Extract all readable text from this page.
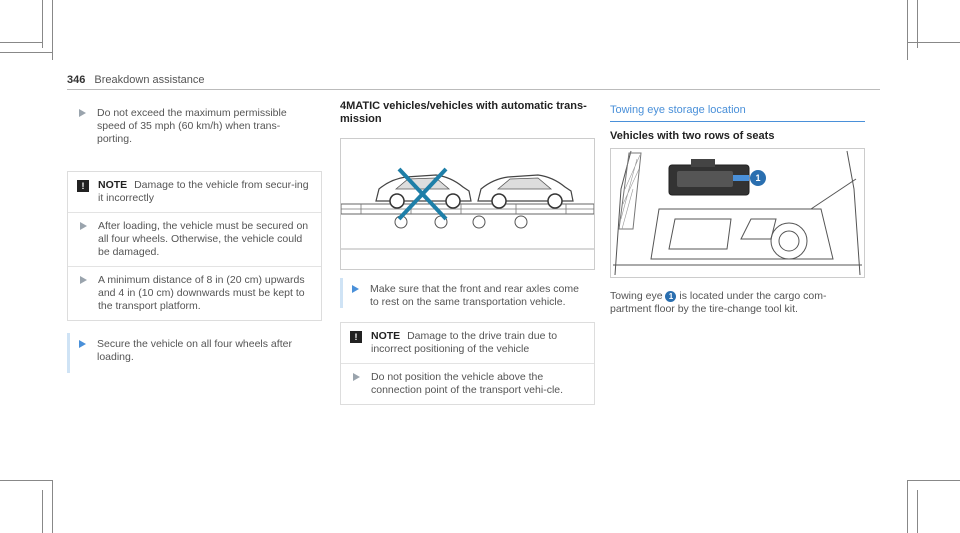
346 Breakdown assistance
Do not exceed the maximum permissible speed of 35 mph (60 km/h) when trans-porting.
!	NOTE Damage to the vehicle from secur-ing it incorrectly
After loading, the vehicle must be secured on all four wheels. Otherwise, the vehicle could be damaged.
A minimum distance of 8 in (20 cm) upwards and 4 in (10 cm) downwards must be kept to the transport platform.
Secure the vehicle on all four wheels after loading.
4MATIC vehicles/vehicles with automatic trans-mission
Make sure that the front and rear axles come to rest on the same transportation vehicle.
!	NOTE Damage to the drive train due to incorrect positioning of the vehicle
Do not position the vehicle above the connection point of the transport vehi-cle.
Towing eye storage location
Vehicles with two rows of seats
1
Towing eye 1 is located under the cargo com-partment floor by the tire-change tool kit.
